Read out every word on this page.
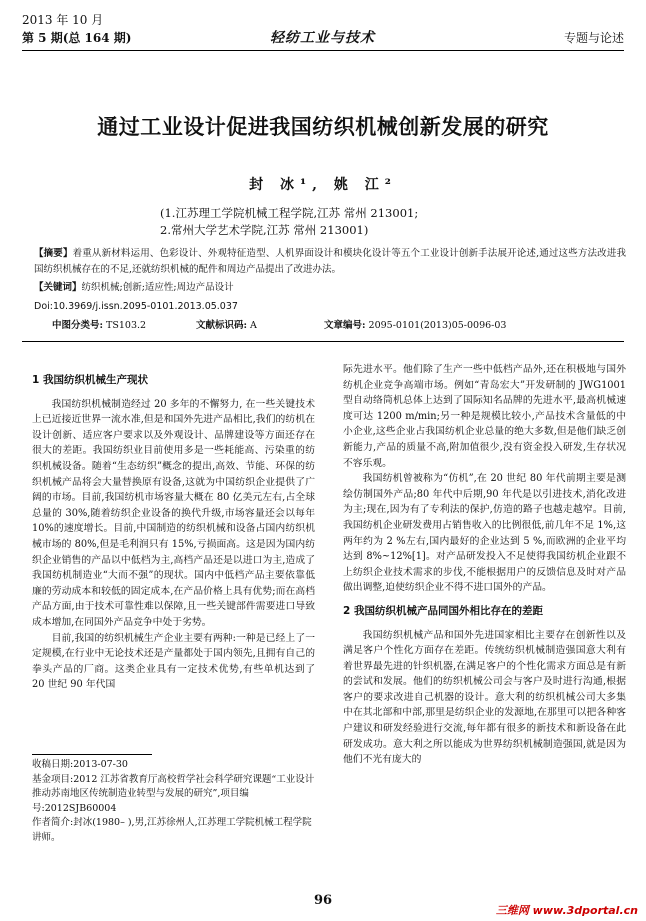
2013 年 10 月
第 5 期(总 164 期)	轻纺工业与技术	专题与论述
通过工业设计促进我国纺织机械创新发展的研究
封 冰¹, 姚 江²
(1.江苏理工学院机械工程学院,江苏 常州 213001;
2.常州大学艺术学院,江苏 常州 213001)
【摘要】着重从新材料运用、色彩设计、外观特征造型、人机界面设计和模块化设计等五个工业设计创新手法展开论述,通过这些方法改进我国纺织机械存在的不足,还就纺织机械的配件和周边产品提出了改进办法。
【关键词】纺织机械;创新;适应性;周边产品设计
Doi:10.3969/j.issn.2095-0101.2013.05.037
中图分类号: TS103.2	文献标识码: A	文章编号: 2095-0101(2013)05-0096-03
1 我国纺织机械生产现状

我国纺织机械制造经过 20 多年的不懈努力, 在一些关键技术上已近接近世界一流水准,但是和国外先进产品相比,我们的纺机在设计创新、适应客户要求以及外观设计、品牌建设等方面还存在很大的差距。我国纺织业目前使用多是一些耗能高、污染重的纺织机械设备。随着“生态纺织”概念的提出,高效、节能、环保的纺织机械产品将会大量替换原有设备,这就为中国纺织企业提供了广阔的市场。目前,我国纺机市场容量大概在 80 亿美元左右,占全球总量的 30%,随着纺织企业设备的换代升级,市场容量还会以每年 10%的速度增长。目前,中国制造的纺织机械和设备占国内纺织机械市场的 80%,但是毛利润只有 15%,亏损面高。这是因为国内纺织企业销售的产品以中低档为主,高档产品还是以进口为主,造成了我国纺机制造业“大而不强”的现状。国内中低档产品主要依靠低廉的劳动成本和较低的固定成本,在产品价格上具有优势;而在高档产品方面,由于技术可靠性难以保障,且一些关键部件需要进口导致成本增加,在同国外产品竞争中处于劣势。

目前,我国的纺织机械生产企业主要有两种:一种是已经上了一定规模,在行业中无论技术还是产量都处于国内领先,且拥有自己的拳头产品的厂商。这类企业具有一定技术优势,有些单机达到了 20 世纪 90 年代国

收稿日期:2013-07-30
基金项目:2012 江苏省教育厅高校哲学社会科学研究课题“工业设计推动苏南地区传统制造业转型与发展的研究”,项目编号:2012SJB60004
作者简介:封冰(1980– ),男,江苏徐州人,江苏理工学院机械工程学院讲师。

际先进水平。他们除了生产一些中低档产品外,还在积极地与国外纺机企业竞争高端市场。例如“青岛宏大”开发研制的 JWG1001 型自动络筒机总体上达到了国际知名品牌的先进水平,最高机械速度可达 1200 m/min;另一种是规模比较小,产品技术含量低的中小企业,这些企业占我国纺机企业总量的绝大多数,但是他们缺乏创新能力,产品的质量不高,附加值很少,没有资金投入研发,生存状况不容乐观。

我国纺机曾被称为“仿机”,在 20 世纪 80 年代前期主要是测绘仿制国外产品;80 年代中后期,90 年代是以引进技术,消化改进为主;现在,因为有了专利法的保护,仿造的路子也越走越窄。目前,我国纺机企业研发费用占销售收入的比例很低,前几年不足 1%,这两年约为 2 %左右,国内最好的企业达到 5 %,而欧洲的企业平均达到 8%~12%[1]。对产品研发投入不足使得我国纺机企业跟不上纺织企业技术需求的步伐,不能根据用户的反馈信息及时对产品做出调整,迫使纺织企业不得不进口国外的产品。

2 我国纺织机械产品同国外相比存在的差距

我国纺织机械产品和国外先进国家相比主要存在创新性以及满足客户个性化方面存在差距。传统纺织机械制造强国意大利有着世界最先进的针织机器,在满足客户的个性化需求方面总是有新的尝试和发展。他们的纺织机械公司会与客户及时进行沟通,根据客户的要求改进自己机器的设计。意大利的纺织机械公司大多集中在其北部和中部,那里是纺织企业的发源地,在那里可以把各种客户建议和研发经验进行交流,每年都有很多的新技术和新设备在此研发成功。意大利之所以能成为世界纺织机械制造强国,就是因为他们不光有庞大的

96
三维网 www.3dportal.cn
